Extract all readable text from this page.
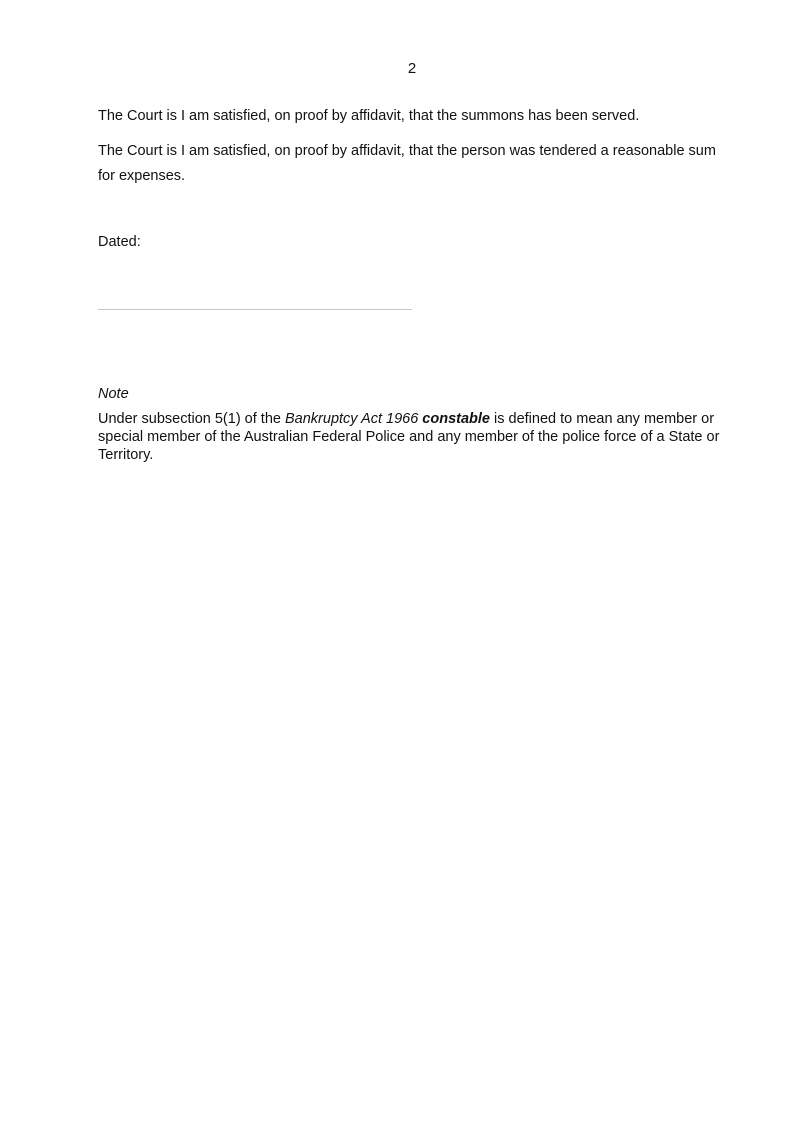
2

The Court is I am satisfied, on proof by affidavit, that the summons has been served.

The Court is I am satisfied, on proof by affidavit, that the person was tendered a reasonable sum for expenses.

Dated:

Note

Under subsection 5(1) of the Bankruptcy Act 1966 constable is defined to mean any member or special member of the Australian Federal Police and any member of the police force of a State or Territory.
